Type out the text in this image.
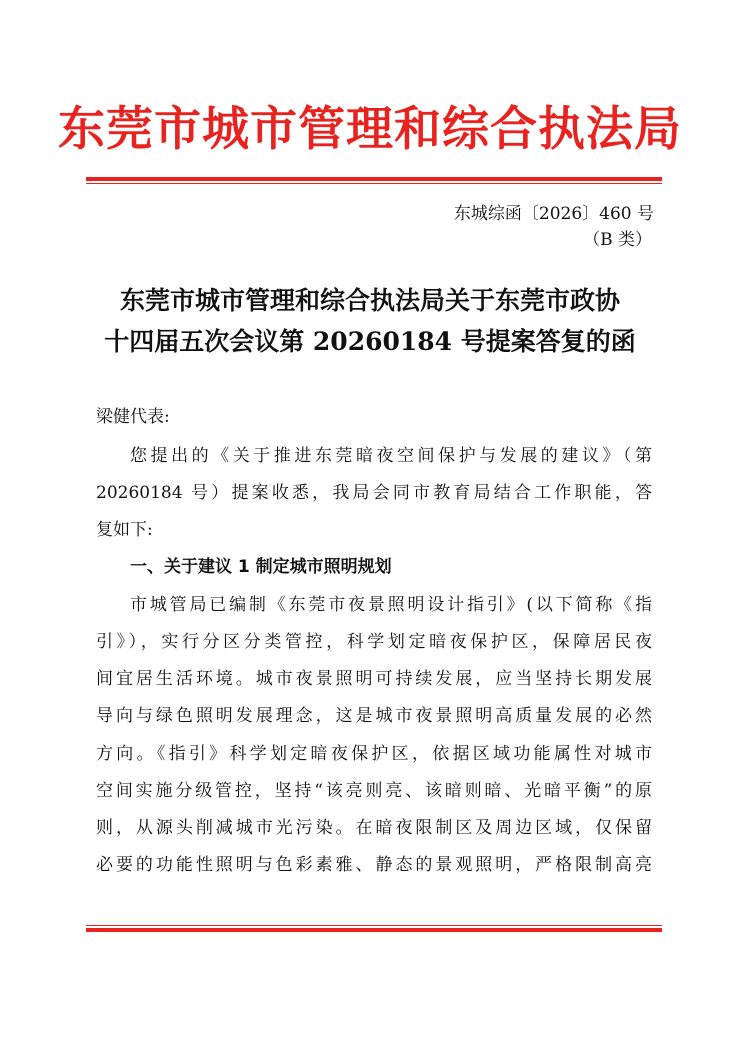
东莞市城市管理和综合执法局
东城综函〔2026〕460 号
（B 类）
东莞市城市管理和综合执法局关于东莞市政协
十四届五次会议第 20260184 号提案答复的函
梁健代表:
您提出的《关于推进东莞暗夜空间保护与发展的建议》（第
20260184 号）提案收悉，我局会同市教育局结合工作职能，答
复如下:
一、关于建议 1 制定城市照明规划
市城管局已编制《东莞市夜景照明设计指引》(以下简称《指
引》），实行分区分类管控，科学划定暗夜保护区，保障居民夜
间宜居生活环境。城市夜景照明可持续发展，应当坚持长期发展
导向与绿色照明发展理念，这是城市夜景照明高质量发展的必然
方向。《指引》科学划定暗夜保护区，依据区域功能属性对城市
空间实施分级管控，坚持“该亮则亮、该暗则暗、光暗平衡”的原
则，从源头削减城市光污染。在暗夜限制区及周边区域，仅保留
必要的功能性照明与色彩素雅、静态的景观照明，严格限制高亮
